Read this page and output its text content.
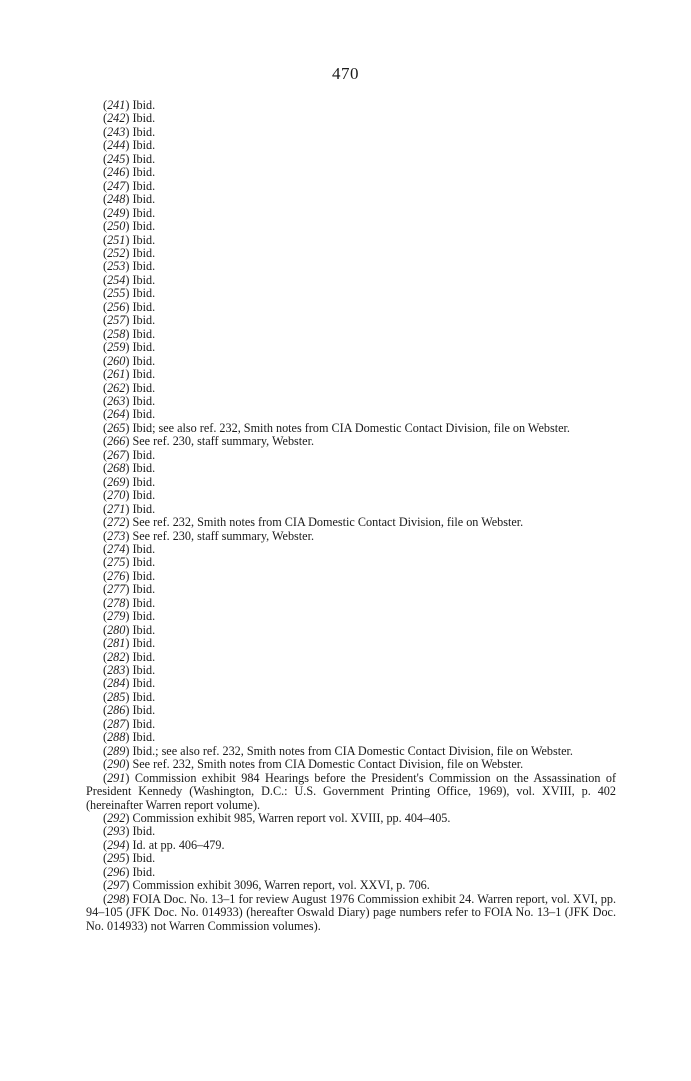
470

(241) Ibid.

(242) Ibid.

(243) Ibid.

(244) Ibid.

(245) Ibid.

(246) Ibid.

(247) Ibid.

(248) Ibid.

(249) Ibid.

(250) Ibid.

(251) Ibid.

(252) Ibid.

(253) Ibid.

(254) Ibid.

(255) Ibid.

(256) Ibid.

(257) Ibid.

(258) Ibid.

(259) Ibid.

(260) Ibid.

(261) Ibid.

(262) Ibid.

(263) Ibid.

(264) Ibid.

(265) Ibid; see also ref. 232, Smith notes from CIA Domestic Contact Division, file on Webster.

(266) See ref. 230, staff summary, Webster.

(267) Ibid.

(268) Ibid.

(269) Ibid.

(270) Ibid.

(271) Ibid.

(272) See ref. 232, Smith notes from CIA Domestic Contact Division, file on Webster.

(273) See ref. 230, staff summary, Webster.

(274) Ibid.

(275) Ibid.

(276) Ibid.

(277) Ibid.

(278) Ibid.

(279) Ibid.

(280) Ibid.

(281) Ibid.

(282) Ibid.

(283) Ibid.

(284) Ibid.

(285) Ibid.

(286) Ibid.

(287) Ibid.

(288) Ibid.

(289) Ibid.; see also ref. 232, Smith notes from CIA Domestic Contact Division, file on Webster.

(290) See ref. 232, Smith notes from CIA Domestic Contact Division, file on Webster.

(291) Commission exhibit 984 Hearings before the President's Commission on the Assassination of President Kennedy (Washington, D.C.: U.S. Government Printing Office, 1969), vol. XVIII, p. 402 (hereinafter Warren report volume).

(292) Commission exhibit 985, Warren report vol. XVIII, pp. 404–405.

(293) Ibid.

(294) Id. at pp. 406–479.

(295) Ibid.

(296) Ibid.

(297) Commission exhibit 3096, Warren report, vol. XXVI, p. 706.

(298) FOIA Doc. No. 13–1 for review August 1976 Commission exhibit 24. Warren report, vol. XVI, pp. 94–105 (JFK Doc. No. 014933) (hereafter Oswald Diary) page numbers refer to FOIA No. 13–1 (JFK Doc. No. 014933) not Warren Commission volumes).
